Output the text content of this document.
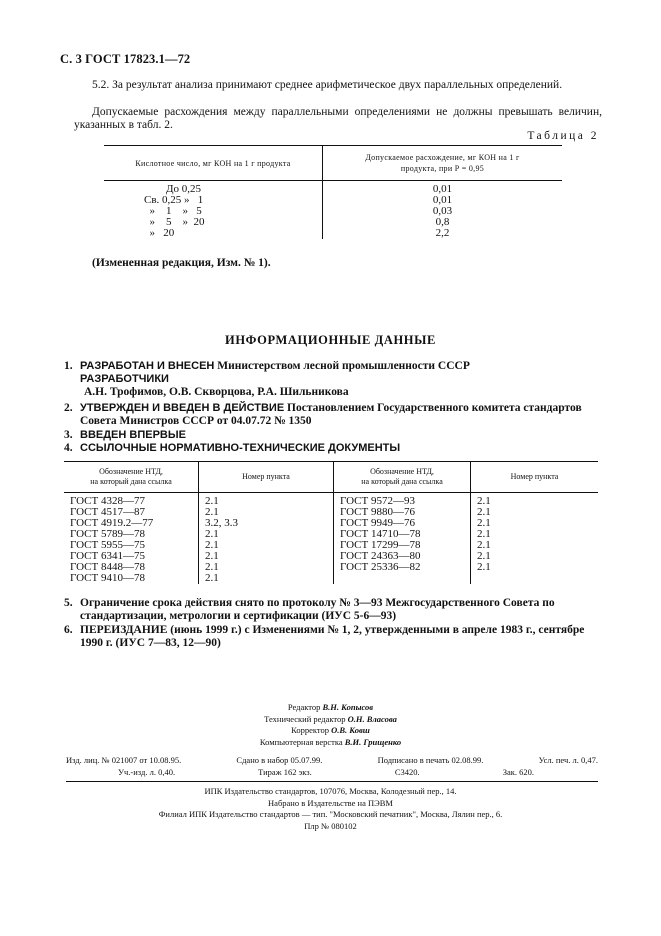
С. 3 ГОСТ 17823.1—72
5.2. За результат анализа принимают среднее арифметическое двух параллельных определений.
Допускаемые расхождения между параллельными определениями не должны превышать величин, указанных в табл. 2.
Таблица 2
Кислотное число, мг КОН на 1 г продукта	Допускаемое расхождение, мг КОН на 1 г
продукта, при Р = 0,95
До 0,25	0,01
Св. 0,25 »   1	0,01
»    1    »   5	0,03
»    5    »  20	0,8
»   20	2,2
(Измененная редакция, Изм. № 1).
ИНФОРМАЦИОННЫЕ ДАННЫЕ
1. РАЗРАБОТАН И ВНЕСЕН Министерством лесной промышленности СССР
РАЗРАБОТЧИКИ
А.Н. Трофимов, О.В. Скворцова, Р.А. Шильникова
2. УТВЕРЖДЕН И ВВЕДЕН В ДЕЙСТВИЕ Постановлением Государственного комитета стандартов Совета Министров СССР от 04.07.72 № 1350
3. ВВЕДЕН ВПЕРВЫЕ
4. ССЫЛОЧНЫЕ НОРМАТИВНО-ТЕХНИЧЕСКИЕ ДОКУМЕНТЫ
Обозначение НТД,
на который дана ссылка	Номер пункта	Обозначение НТД,
на который дана ссылка	Номер пункта
ГОСТ 4328—77	2.1	ГОСТ 9572—93	2.1
ГОСТ 4517—87	2.1	ГОСТ 9880—76	2.1
ГОСТ 4919.2—77	3.2, 3.3	ГОСТ 9949—76	2.1
ГОСТ 5789—78	2.1	ГОСТ 14710—78	2.1
ГОСТ 5955—75	2.1	ГОСТ 17299—78	2.1
ГОСТ 6341—75	2.1	ГОСТ 24363—80	2.1
ГОСТ 8448—78	2.1	ГОСТ 25336—82	2.1
ГОСТ 9410—78	2.1		
5. Ограничение срока действия снято по протоколу № 3—93 Межгосударственного Совета по стандартизации, метрологии и сертификации (ИУС 5-6—93)
6. ПЕРЕИЗДАНИЕ (июнь 1999 г.) с Изменениями № 1, 2, утвержденными в апреле 1983 г., сентябре 1990 г. (ИУС 7—83, 12—90)
Редактор В.Н. Копысов
Технический редактор О.Н. Власова
Корректор О.В. Ковш
Компьютерная верстка В.И. Грищенко
Изд. лиц. № 021007 от 10.08.95.	Сдано в набор 05.07.99.	Подписано в печать 02.08.99.	Усл. печ. л. 0,47.
Уч.-изд. л. 0,40.	Тираж 162 экз.	С3420.	Зак. 620.
ИПК Издательство стандартов, 107076, Москва, Колодезный пер., 14.
Набрано в Издательстве на ПЭВМ
Филиал ИПК Издательство стандартов — тип. "Московский печатник", Москва, Лялин пер., 6.
Плр № 080102
